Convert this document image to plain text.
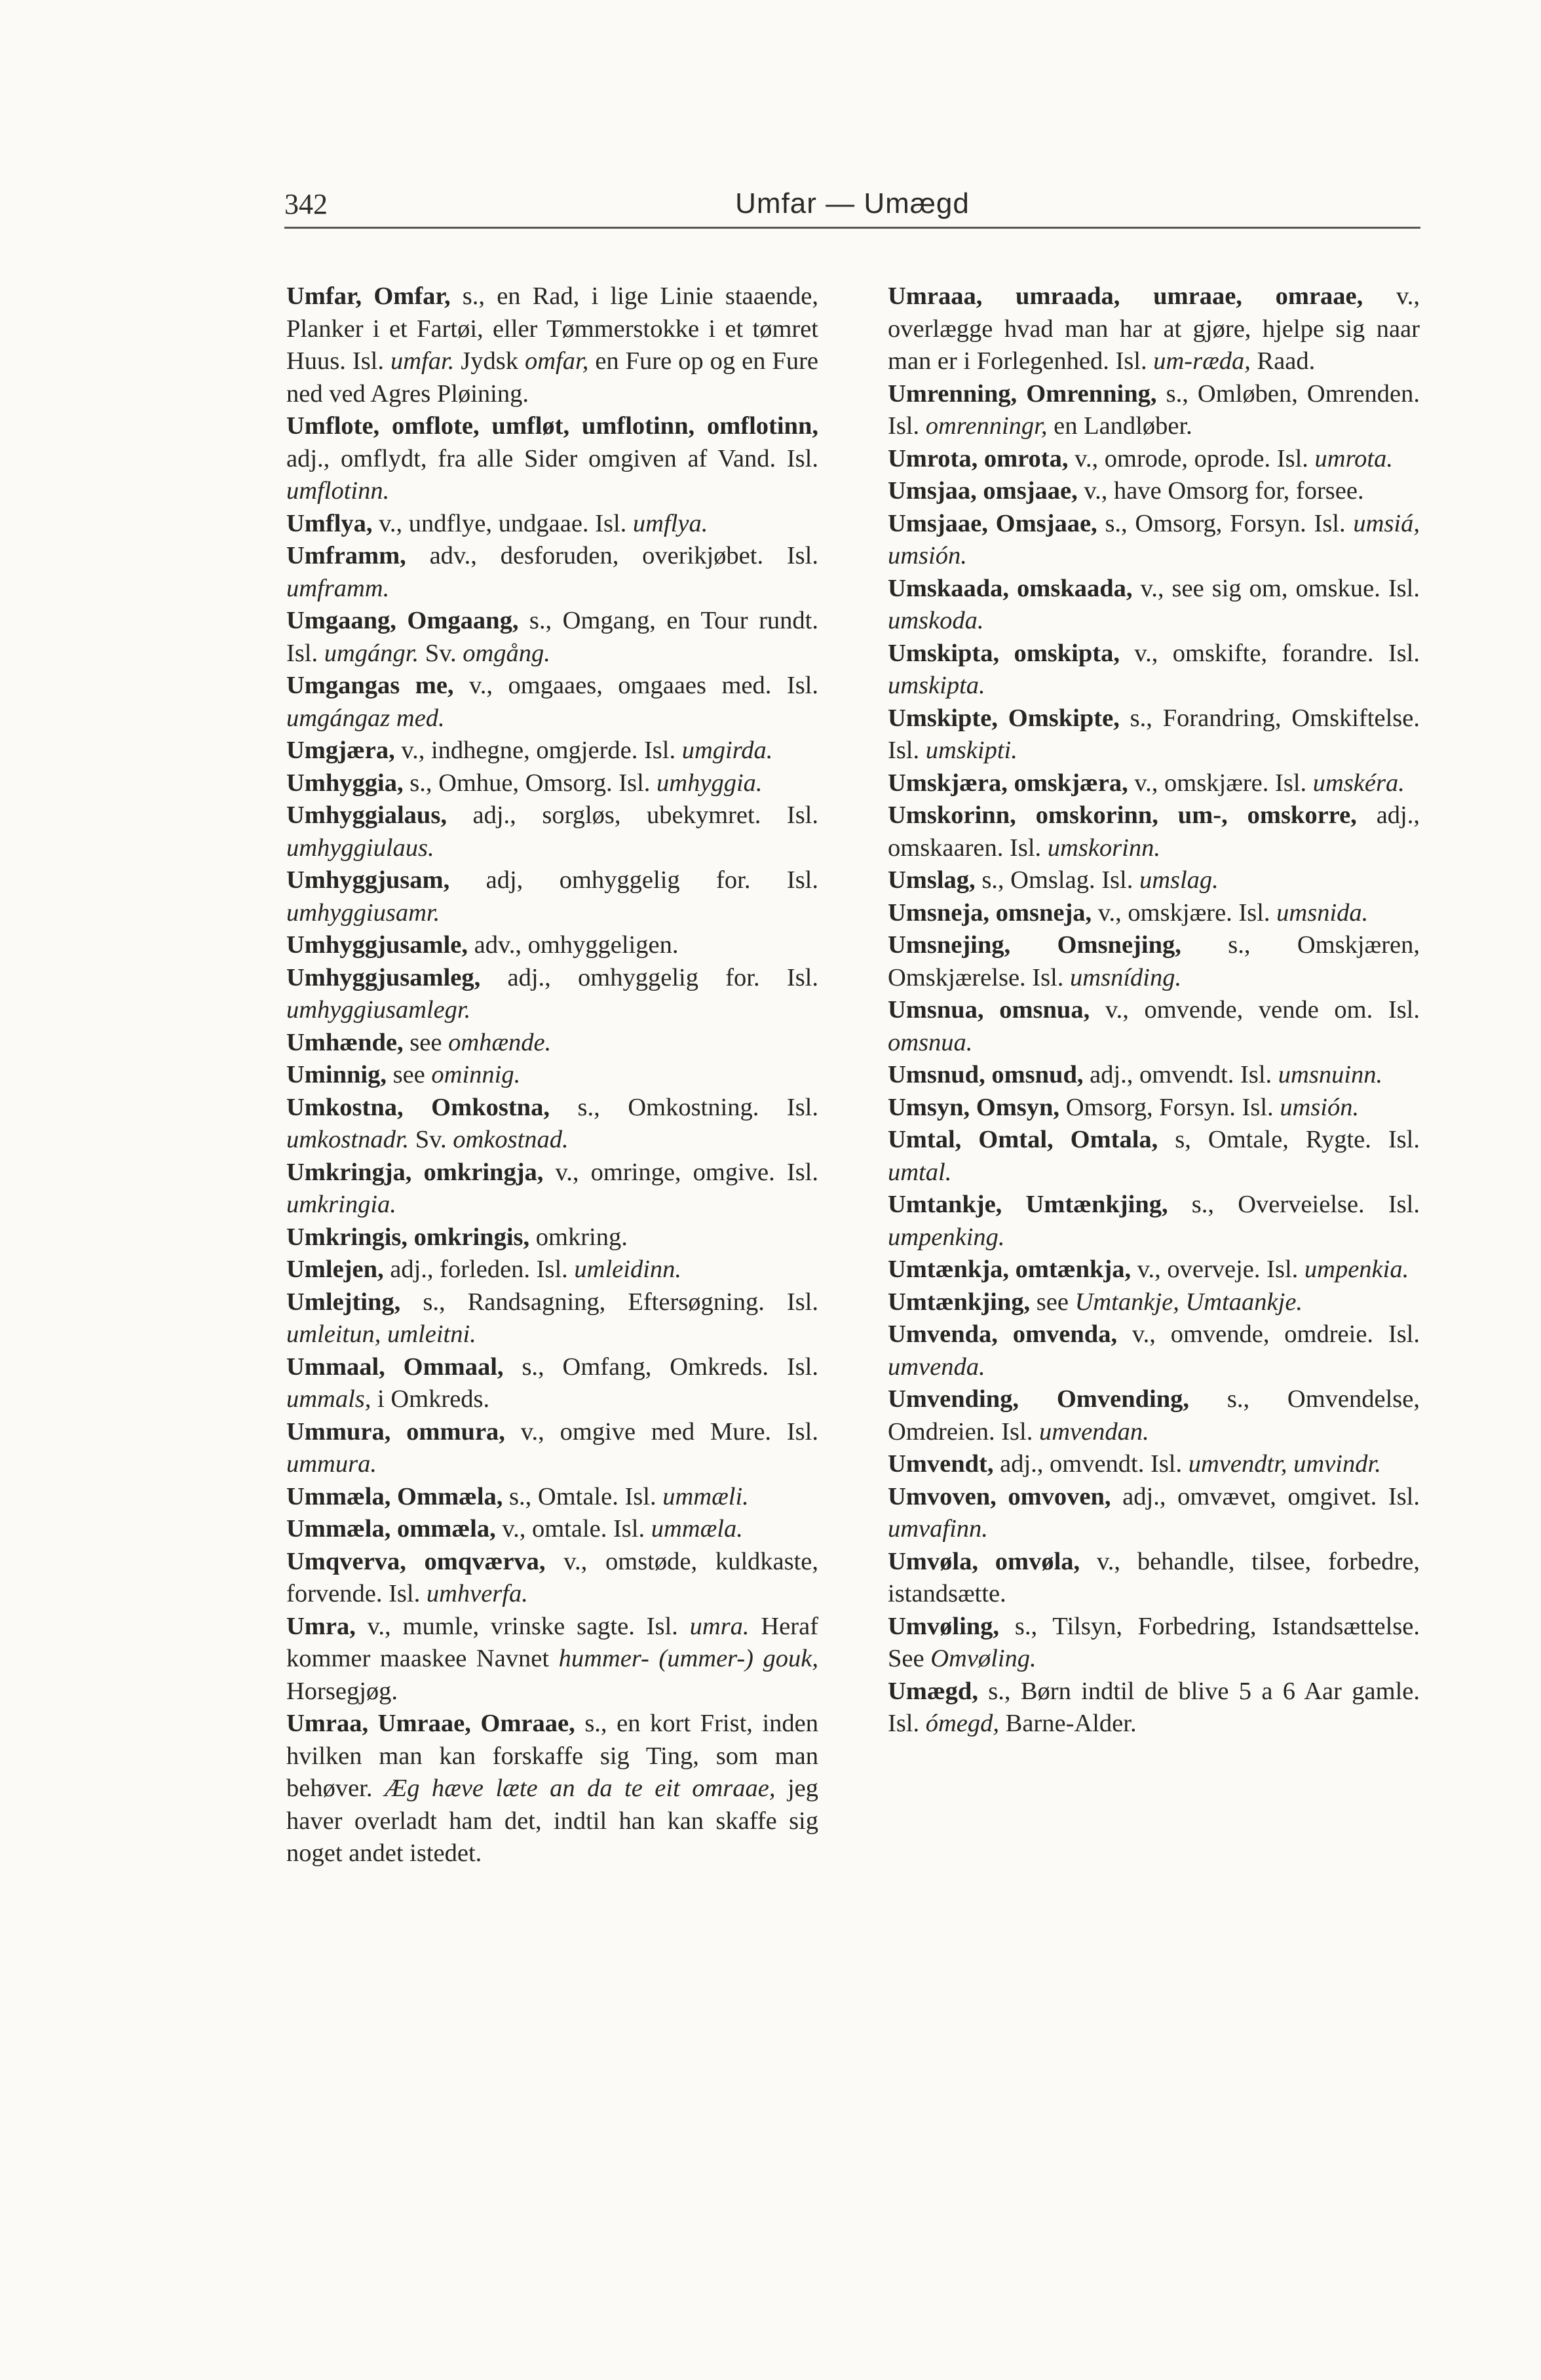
342	Umfar — Umægd

Umfar, Omfar, s., en Rad, i lige Linie staaende, Planker i et Fartøi, eller Tømmerstokke i et tømret Huus. Isl. umfar. Jydsk omfar, en Fure op og en Fure ned ved Agres Pløining.

Umflote, omflote, umfløt, umflotinn, omflotinn, adj., omflydt, fra alle Sider omgiven af Vand. Isl. umflotinn.

Umflya, v., undflye, undgaae. Isl. umflya.

Umframm, adv., desforuden, overikjøbet. Isl. umframm.

Umgaang, Omgaang, s., Omgang, en Tour rundt. Isl. umgángr. Sv. omgång.

Umgangas me, v., omgaaes, omgaaes med. Isl. umgángaz med.

Umgjæra, v., indhegne, omgjerde. Isl. umgirda.

Umhyggia, s., Omhue, Omsorg. Isl. umhyggia.

Umhyggialaus, adj., sorgløs, ubekymret. Isl. umhyggiulaus.

Umhyggjusam, adj, omhyggelig for. Isl. umhyggiusamr.

Umhyggjusamle, adv., omhyggeligen.

Umhyggjusamleg, adj., omhyggelig for. Isl. umhyggiusamlegr.

Umhænde, see omhænde.

Uminnig, see ominnig.

Umkostna, Omkostna, s., Omkostning. Isl. umkostnadr. Sv. omkostnad.

Umkringja, omkringja, v., omringe, omgive. Isl. umkringia.

Umkringis, omkringis, omkring.

Umlejen, adj., forleden. Isl. umleidinn.

Umlejting, s., Randsagning, Eftersøgning. Isl. umleitun, umleitni.

Ummaal, Ommaal, s., Omfang, Omkreds. Isl. ummals, i Omkreds.

Ummura, ommura, v., omgive med Mure. Isl. ummura.

Ummæla, Ommæla, s., Omtale. Isl. ummæli.

Ummæla, ommæla, v., omtale. Isl. ummæla.

Umqverva, omqværva, v., omstøde, kuldkaste, forvende. Isl. umhverfa.

Umra, v., mumle, vrinske sagte. Isl. umra. Heraf kommer maaskee Navnet hummer- (ummer-) gouk, Horsegjøg.

Umraa, Umraae, Omraae, s., en kort Frist, inden hvilken man kan forskaffe sig Ting, som man behøver. Æg hæve læte an da te eit omraae, jeg haver overladt ham det, indtil han kan skaffe sig noget andet istedet.

Umraaa, umraada, umraae, omraae, v., overlægge hvad man har at gjøre, hjelpe sig naar man er i Forlegenhed. Isl. um-ræda, Raad.

Umrenning, Omrenning, s., Omløben, Omrenden. Isl. omrenningr, en Landløber.

Umrota, omrota, v., omrode, oprode. Isl. umrota.

Umsjaa, omsjaae, v., have Omsorg for, forsee.

Umsjaae, Omsjaae, s., Omsorg, Forsyn. Isl. umsiá, umsión.

Umskaada, omskaada, v., see sig om, omskue. Isl. umskoda.

Umskipta, omskipta, v., omskifte, forandre. Isl. umskipta.

Umskipte, Omskipte, s., Forandring, Omskiftelse. Isl. umskipti.

Umskjæra, omskjæra, v., omskjære. Isl. umskéra.

Umskorinn, omskorinn, um-, omskorre, adj., omskaaren. Isl. umskorinn.

Umslag, s., Omslag. Isl. umslag.

Umsneja, omsneja, v., omskjære. Isl. umsnida.

Umsnejing, Omsnejing, s., Omskjæren, Omskjærelse. Isl. umsníding.

Umsnua, omsnua, v., omvende, vende om. Isl. omsnua.

Umsnud, omsnud, adj., omvendt. Isl. umsnuinn.

Umsyn, Omsyn, Omsorg, Forsyn. Isl. umsión.

Umtal, Omtal, Omtala, s, Omtale, Rygte. Isl. umtal.

Umtankje, Umtænkjing, s., Overveielse. Isl. umpenking.

Umtænkja, omtænkja, v., overveje. Isl. umpenkia.

Umtænkjing, see Umtankje, Umtaankje.

Umvenda, omvenda, v., omvende, omdreie. Isl. umvenda.

Umvending, Omvending, s., Omvendelse, Omdreien. Isl. umvendan.

Umvendt, adj., omvendt. Isl. umvendtr, umvindr.

Umvoven, omvoven, adj., omvævet, omgivet. Isl. umvafinn.

Umvøla, omvøla, v., behandle, tilsee, forbedre, istandsætte.

Umvøling, s., Tilsyn, Forbedring, Istandsættelse. See Omvøling.

Umægd, s., Børn indtil de blive 5 a 6 Aar gamle. Isl. ómegd, Barne-Alder.
